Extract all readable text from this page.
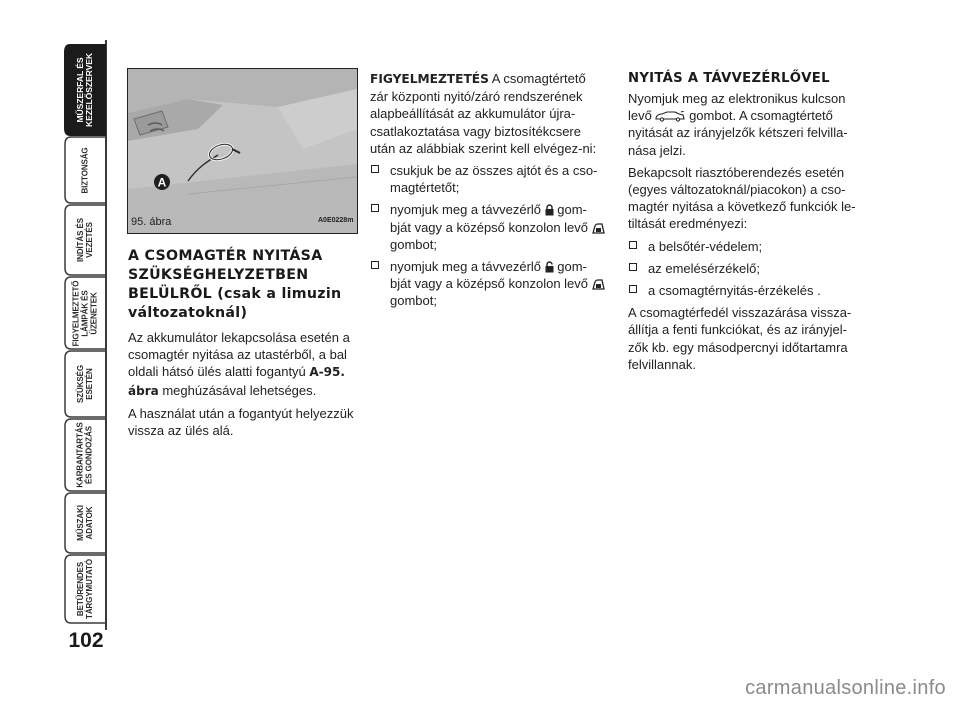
MŰSZERFAL ÉS
KEZELŐSZERVEK
BIZTONSÁG
INDÍTÁS ÉS
VEZETÉS
FIGYELMEZTETŐ
LÁMPÁK ÉS
ÜZENETEK
SZÜKSÉG
ESETÉN
KARBANTARTÁS
ÉS GONDOZÁS
MŰSZAKI
ADATOK
BETŰRENDES
TÁRGYMUTATÓ
102
A
95. ábra	A0E0228m
A CSOMAGTÉR NYITÁSA SZÜKSÉGHELYZETBEN BELÜLRŐL (csak a limuzin változatoknál)

Az akkumulátor lekapcsolása esetén a csomagtér nyitása az utastérből, a bal oldali hátsó ülés alatti fogantyú A-95. ábra meghúzásával lehetséges.

A használat után a fogantyút helyezzük vissza az ülés alá.

FIGYELMEZTETÉS A csomagtértető zár központi nyitó/záró rendszerének alapbeállítását az akkumulátor újra-csatlakoztatása vagy biztosítékcsere után az alábbiak szerint kell elvégez-ni:

csukjuk be az összes ajtót és a cso-magtértetőt;
nyomjuk meg a távvezérlő  gom-bját vagy a középső konzolon levő  gombot;
nyomjuk meg a távvezérlő  gom-bját vagy a középső konzolon levő  gombot;
NYITÁS A TÁVVEZÉRLŐVEL

Nyomjuk meg az elektronikus kulcson levő  gombot. A csomagtértető nyitását az irányjelzők kétszeri felvilla-nása jelzi.

Bekapcsolt riasztóberendezés esetén (egyes változatoknál/piacokon) a cso-magtér nyitása a következő funkciók le-tiltását eredményezi:

a belsőtér-védelem;
az emelésérzékelő;
a csomagtérnyitás-érzékelés .

A csomagtérfedél visszazárása vissza-állítja a fenti funkciókat, és az irányjel-zők kb. egy másodpercnyi időtartamra felvillannak.

carmanualsonline.info
